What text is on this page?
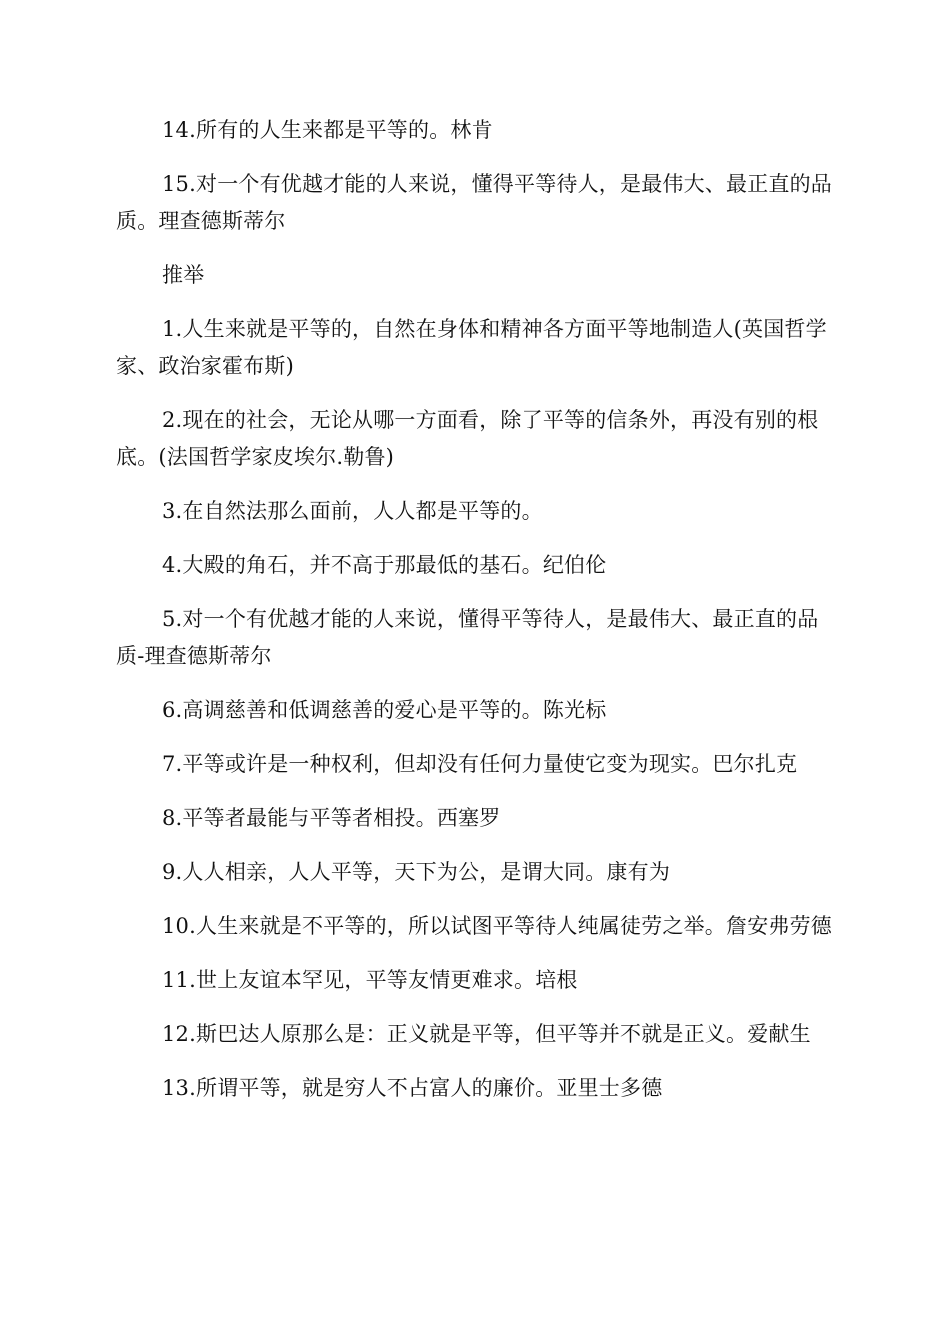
14.所有的人生来都是平等的。林肯

15.对一个有优越才能的人来说，懂得平等待人，是最伟大、最正直的品质。理查德斯蒂尔

推举

1.人生来就是平等的，自然在身体和精神各方面平等地制造人(英国哲学家、政治家霍布斯)

2.现在的社会，无论从哪一方面看，除了平等的信条外，再没有别的根底。(法国哲学家皮埃尔.勒鲁)

3.在自然法那么面前，人人都是平等的。

4.大殿的角石，并不高于那最低的基石。纪伯伦

5.对一个有优越才能的人来说，懂得平等待人，是最伟大、最正直的品质-理查德斯蒂尔

6.高调慈善和低调慈善的爱心是平等的。陈光标

7.平等或许是一种权利，但却没有任何力量使它变为现实。巴尔扎克

8.平等者最能与平等者相投。西塞罗

9.人人相亲，人人平等，天下为公，是谓大同。康有为

10.人生来就是不平等的，所以试图平等待人纯属徒劳之举。詹安弗劳德

11.世上友谊本罕见，平等友情更难求。培根

12.斯巴达人原那么是：正义就是平等，但平等并不就是正义。爱献生

13.所谓平等，就是穷人不占富人的廉价。亚里士多德
